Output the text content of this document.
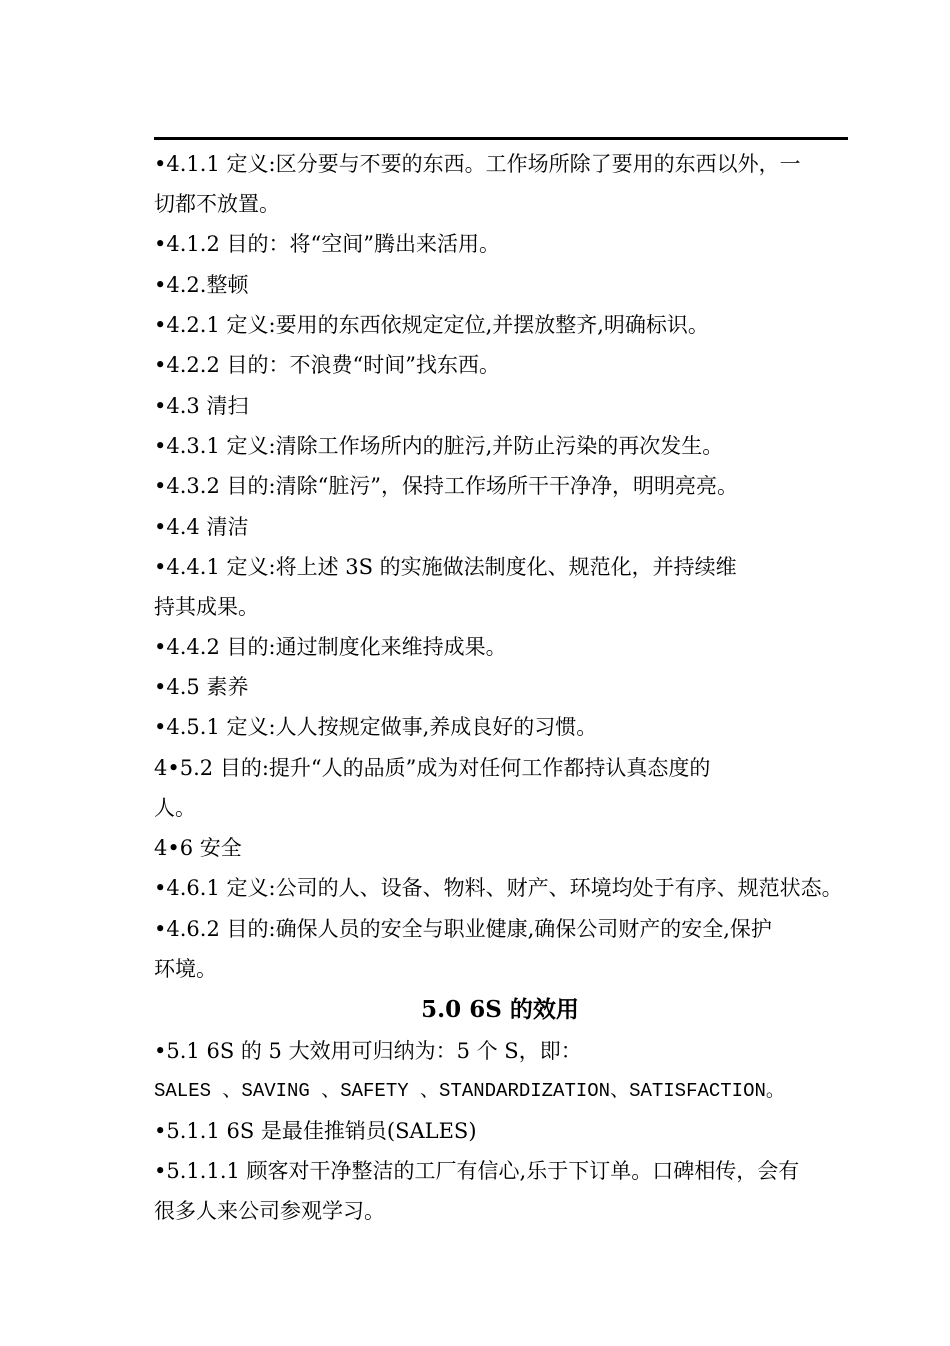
•4.1.1 定义:区分要与不要的东西。工作场所除了要用的东西以外，一
切都不放置。
•4.1.2 目的：将“空间”腾出来活用。
•4.2.整顿
•4.2.1 定义:要用的东西依规定定位,并摆放整齐,明确标识。
•4.2.2 目的：不浪费“时间”找东西。
•4.3 清扫
•4.3.1 定义:清除工作场所内的脏污,并防止污染的再次发生。
•4.3.2 目的:清除“脏污”，保持工作场所干干净净，明明亮亮。
•4.4 清洁
•4.4.1 定义:将上述 3S 的实施做法制度化、规范化，并持续维
持其成果。
•4.4.2 目的:通过制度化来维持成果。
•4.5 素养
•4.5.1 定义:人人按规定做事,养成良好的习惯。
4•5.2 目的:提升“人的品质”成为对任何工作都持认真态度的
人。
4•6 安全
•4.6.1 定义:公司的人、设备、物料、财产、环境均处于有序、规范状态。
•4.6.2 目的:确保人员的安全与职业健康,确保公司财产的安全,保护
环境。
5.0 6S 的效用
•5.1 6S 的 5 大效用可归纳为：5 个 S，即：
SALES 、SAVING 、SAFETY 、STANDARDIZATION、SATISFACTION。
•5.1.1 6S 是最佳推销员(SALES)
•5.1.1.1 顾客对干净整洁的工厂有信心,乐于下订单。口碑相传，会有
很多人来公司参观学习。
